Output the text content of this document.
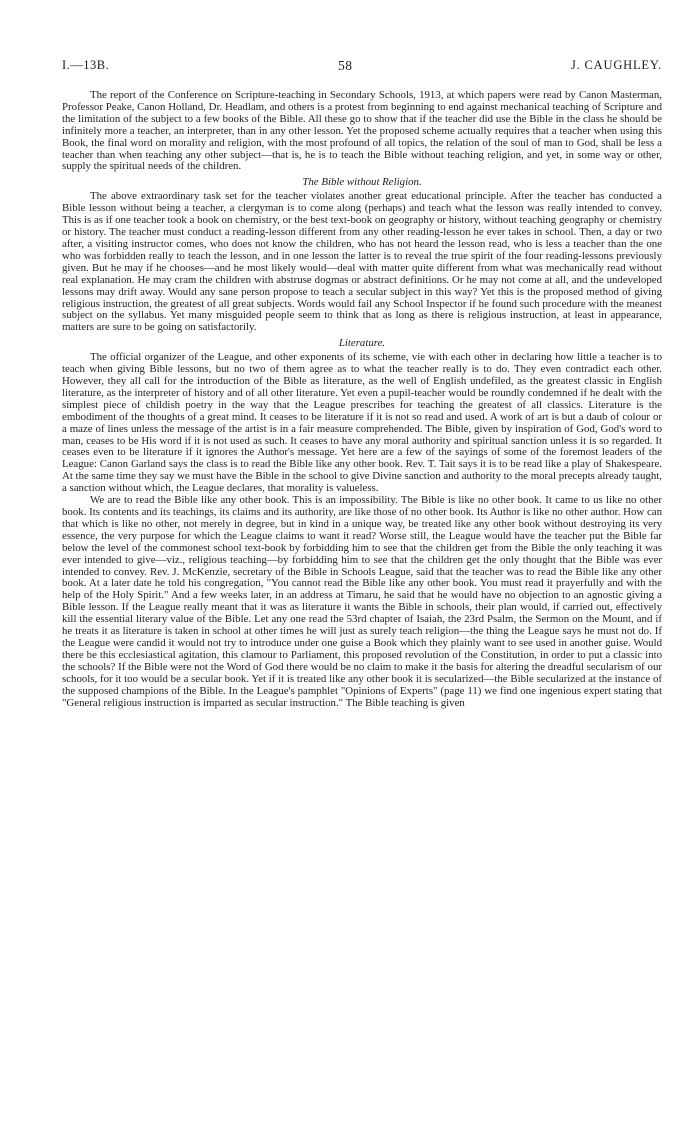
I.—13B.	58	J. CAUGHLEY.

The report of the Conference on Scripture-teaching in Secondary Schools, 1913, at which papers were read by Canon Masterman, Professor Peake, Canon Holland, Dr. Headlam, and others is a protest from beginning to end against mechanical teaching of Scripture and the limitation of the subject to a few books of the Bible. All these go to show that if the teacher did use the Bible in the class he should be infinitely more a teacher, an interpreter, than in any other lesson. Yet the proposed scheme actually requires that a teacher when using this Book, the final word on morality and religion, with the most profound of all topics, the relation of the soul of man to God, shall be less a teacher than when teaching any other subject—that is, he is to teach the Bible without teaching religion, and yet, in some way or other, supply the spiritual needs of the children.

The Bible without Religion.

The above extraordinary task set for the teacher violates another great educational principle. After the teacher has conducted a Bible lesson without being a teacher, a clergyman is to come along (perhaps) and teach what the lesson was really intended to convey. This is as if one teacher took a book on chemistry, or the best text-book on geography or history, without teaching geography or chemistry or history. The teacher must conduct a reading-lesson different from any other reading-lesson he ever takes in school. Then, a day or two after, a visiting instructor comes, who does not know the children, who has not heard the lesson read, who is less a teacher than the one who was forbidden really to teach the lesson, and in one lesson the latter is to reveal the true spirit of the four reading-lessons previously given. But he may if he chooses—and he most likely would—deal with matter quite different from what was mechanically read without real explanation. He may cram the children with abstruse dogmas or abstract definitions. Or he may not come at all, and the undeveloped lessons may drift away. Would any sane person propose to teach a secular subject in this way? Yet this is the proposed method of giving religious instruction, the greatest of all great subjects. Words would fail any School Inspector if he found such procedure with the meanest subject on the syllabus. Yet many misguided people seem to think that as long as there is religious instruction, at least in appearance, matters are sure to be going on satisfactorily.

Literature.

The official organizer of the League, and other exponents of its scheme, vie with each other in declaring how little a teacher is to teach when giving Bible lessons, but no two of them agree as to what the teacher really is to do. They even contradict each other. However, they all call for the introduction of the Bible as literature, as the well of English undefiled, as the greatest classic in English literature, as the interpreter of history and of all other literature. Yet even a pupil-teacher would be roundly condemned if he dealt with the simplest piece of childish poetry in the way that the League prescribes for teaching the greatest of all classics. Literature is the embodiment of the thoughts of a great mind. It ceases to be literature if it is not so read and used. A work of art is but a daub of colour or a maze of lines unless the message of the artist is in a fair measure comprehended. The Bible, given by inspiration of God, God's word to man, ceases to be His word if it is not used as such. It ceases to have any moral authority and spiritual sanction unless it is so regarded. It ceases even to be literature if it ignores the Author's message. Yet here are a few of the sayings of some of the foremost leaders of the League: Canon Garland says the class is to read the Bible like any other book. Rev. T. Tait says it is to be read like a play of Shakespeare. At the same time they say we must have the Bible in the school to give Divine sanction and authority to the moral precepts already taught, a sanction without which, the League declares, that morality is valueless.

We are to read the Bible like any other book. This is an impossibility. The Bible is like no other book. It came to us like no other book. Its contents and its teachings, its claims and its authority, are like those of no other book. Its Author is like no other author. How can that which is like no other, not merely in degree, but in kind in a unique way, be treated like any other book without destroying its very essence, the very purpose for which the League claims to want it read? Worse still, the League would have the teacher put the Bible far below the level of the commonest school text-book by forbidding him to see that the children get from the Bible the only teaching it was ever intended to give—viz., religious teaching—by forbidding him to see that the children get the only thought that the Bible was ever intended to convey. Rev. J. McKenzie, secretary of the Bible in Schools League, said that the teacher was to read the Bible like any other book. At a later date he told his congregation, "You cannot read the Bible like any other book. You must read it prayerfully and with the help of the Holy Spirit." And a few weeks later, in an address at Timaru, he said that he would have no objection to an agnostic giving a Bible lesson. If the League really meant that it was as literature it wants the Bible in schools, their plan would, if carried out, effectively kill the essential literary value of the Bible. Let any one read the 53rd chapter of Isaiah, the 23rd Psalm, the Sermon on the Mount, and if he treats it as literature is taken in school at other times he will just as surely teach religion—the thing the League says he must not do. If the League were candid it would not try to introduce under one guise a Book which they plainly want to see used in another guise. Would there be this ecclesiastical agitation, this clamour to Parliament, this proposed revolution of the Constitution, in order to put a classic into the schools? If the Bible were not the Word of God there would be no claim to make it the basis for altering the dreadful secularism of our schools, for it too would be a secular book. Yet if it is treated like any other book it is secularized—the Bible secularized at the instance of the supposed champions of the Bible. In the League's pamphlet "Opinions of Experts" (page 11) we find one ingenious expert stating that "General religious instruction is imparted as secular instruction." The Bible teaching is given
